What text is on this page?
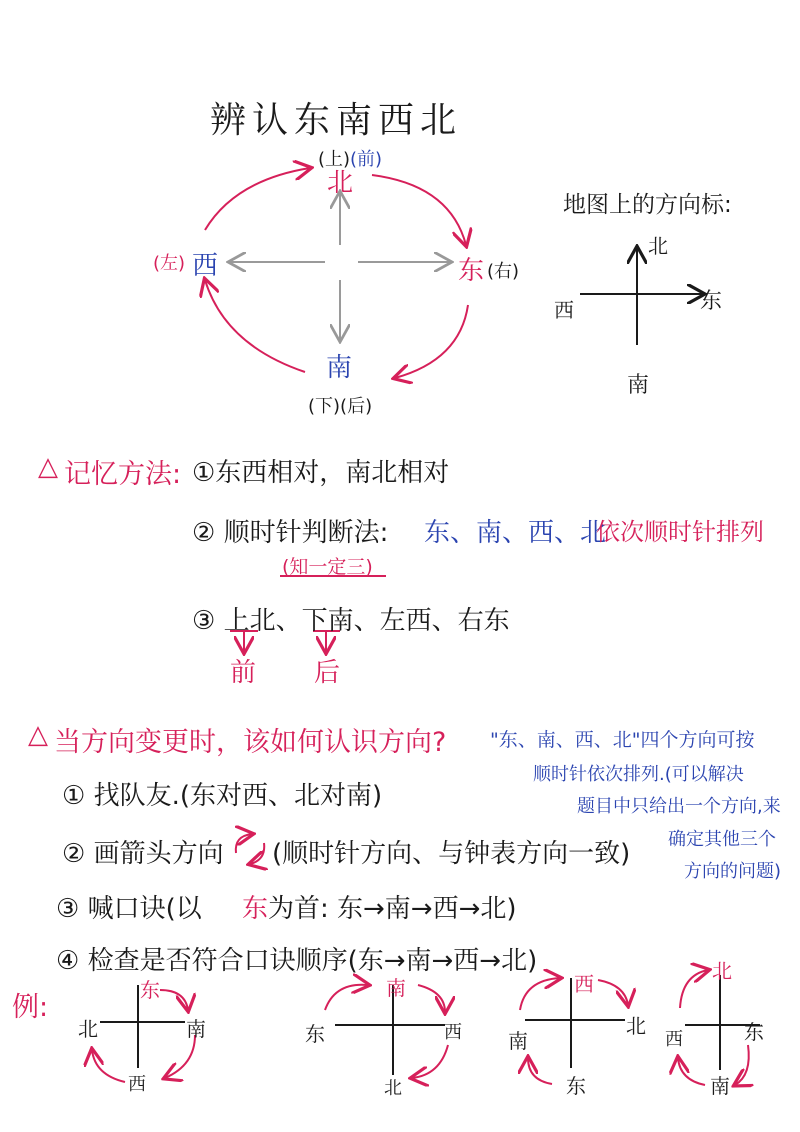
辨认东南西北
(上) (前)
北
(左) 西	东 (右)
南
(下)(后)
地图上的方向标:
北
西	东
南
△ 记忆方法: ①东西相对，南北相对
② 顺时针判断法: 东、南、西、北
依次顺时针排列
(知一定三)
③ 上北、下南、左西、右东
前 后
△ 当方向变更时，该如何认识方向?
① 找队友.(东对西、北对南)
② 画箭头方向 (顺时针方向、与钟表方向一致)
③ 喊口诀(以 东 为首: 东→南→西→北)
④ 检查是否符合口诀顺序(东→南→西→北)
"东、南、西、北"四个方向可按
顺时针依次排列.(可以解决
题目中只给出一个方向,来
确定其他三个
方向的问题)
例:
东
南
西
北
南
西
北
东
西
北
东
南
北
东
南
西
